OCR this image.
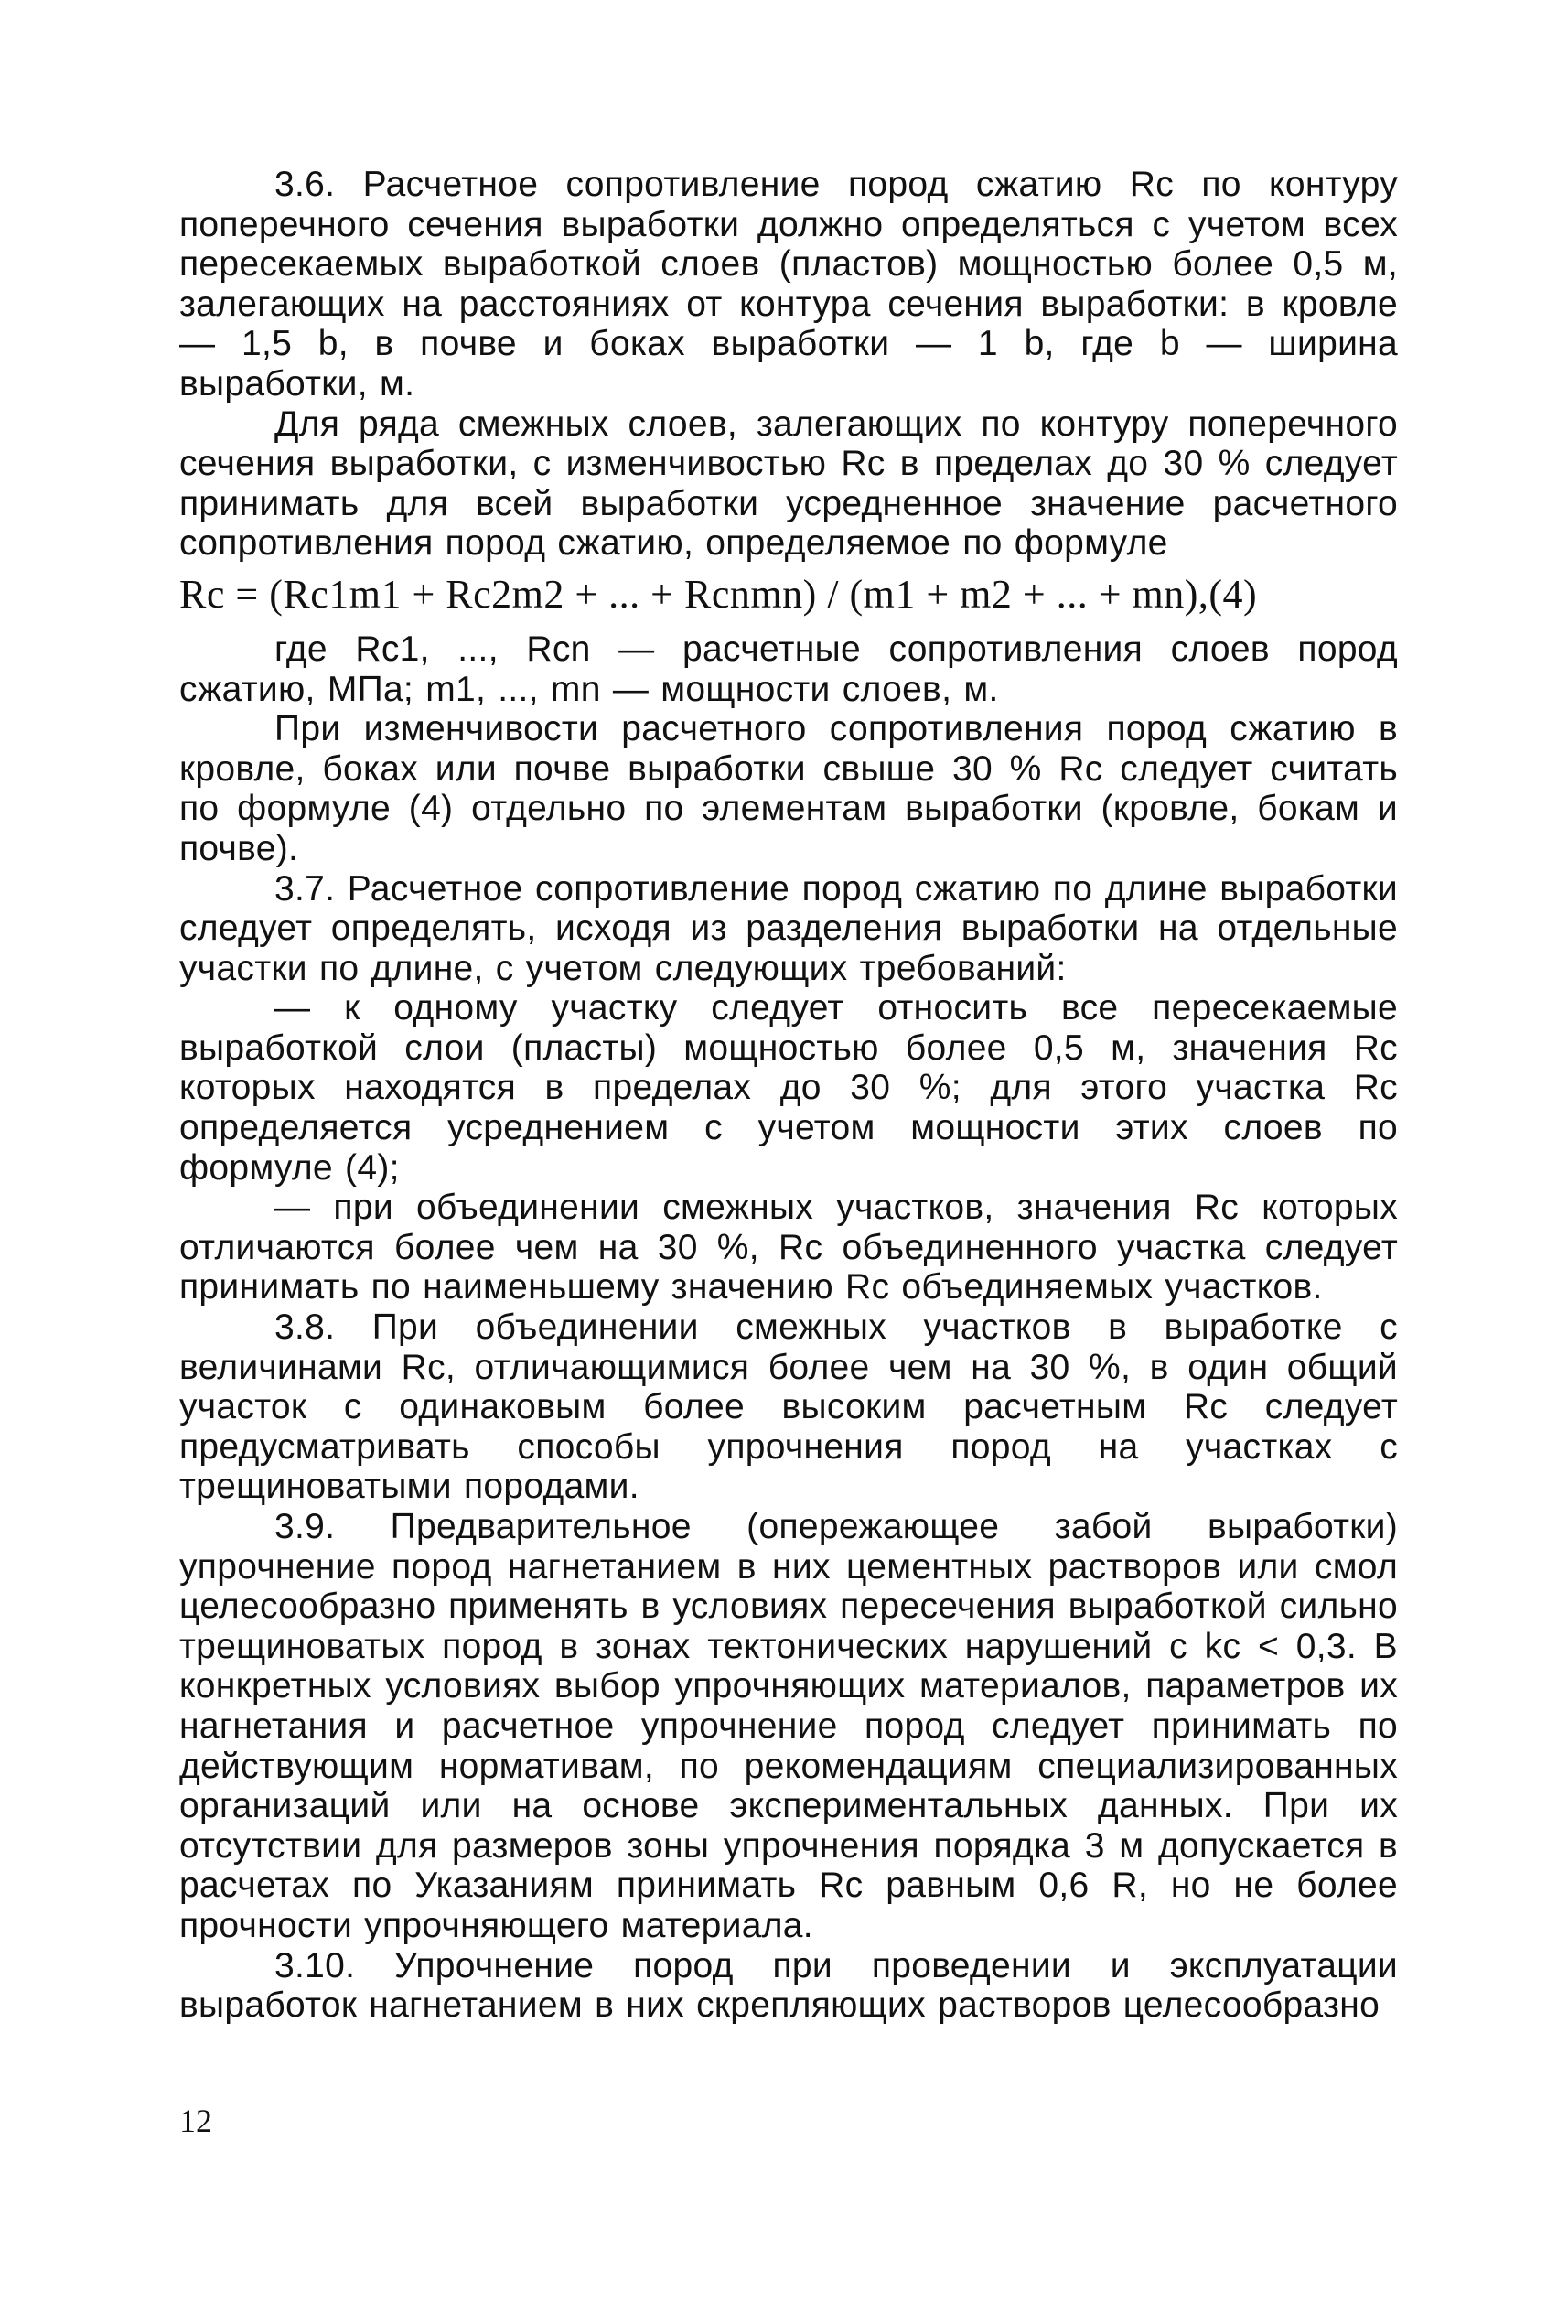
3.6. Расчетное сопротивление пород сжатию Rс по контуру поперечного сечения выработки должно определяться с учетом всех пересекаемых выработкой слоев (пластов) мощностью более 0,5 м, залегающих на расстояниях от контура сечения выработки: в кровле — 1,5 b, в почве и боках выработки — 1 b, где b — ширина выработки, м.

Для ряда смежных слоев, залегающих по контуру поперечного сечения выработки, с изменчивостью Rс в пределах до 30 % следует принимать для всей выработки усредненное значение расчетного сопротивления пород сжатию, определяемое по формуле

Rс = (Rс1m1 + Rс2m2 + ... + Rсnmn) / (m1 + m2 + ... + mn),(4)

где Rс1, ..., Rсn — расчетные сопротивления слоев пород сжатию, МПа; m1, ..., mn — мощности слоев, м.

При изменчивости расчетного сопротивления пород сжатию в кровле, боках или почве выработки свыше 30 % Rс следует считать по формуле (4) отдельно по элементам выработки (кровле, бокам и почве).

3.7. Расчетное сопротивление пород сжатию по длине выработки следует определять, исходя из разделения выработки на отдельные участки по длине, с учетом следующих требований:

— к одному участку следует относить все пересекаемые выработкой слои (пласты) мощностью более 0,5 м, значения Rс которых находятся в пределах до 30 %; для этого участка Rс определяется усреднением с учетом мощности этих слоев по формуле (4);

— при объединении смежных участков, значения Rс которых отличаются более чем на 30 %, Rс объединенного участка следует принимать по наименьшему значению Rс объединяемых участков.

3.8. При объединении смежных участков в выработке с величинами Rс, отличающимися более чем на 30 %, в один общий участок с одинаковым более высоким расчетным Rс следует предусматривать способы упрочнения пород на участках с трещиноватыми породами.

3.9. Предварительное (опережающее забой выработки) упрочнение пород нагнетанием в них цементных растворов или смол целесообразно применять в условиях пересечения выработкой сильно трещиноватых пород в зонах тектонических нарушений с kс < 0,3. В конкретных условиях выбор упрочняющих материалов, параметров их нагнетания и расчетное упрочнение пород следует принимать по действующим нормативам, по рекомендациям специализированных организаций или на основе экспериментальных данных. При их отсутствии для размеров зоны упрочнения порядка 3 м допускается в расчетах по Указаниям принимать Rс равным 0,6 R, но не более прочности упрочняющего материала.

3.10. Упрочнение пород при проведении и эксплуатации выработок нагнетанием в них скрепляющих растворов целесообразно

12
